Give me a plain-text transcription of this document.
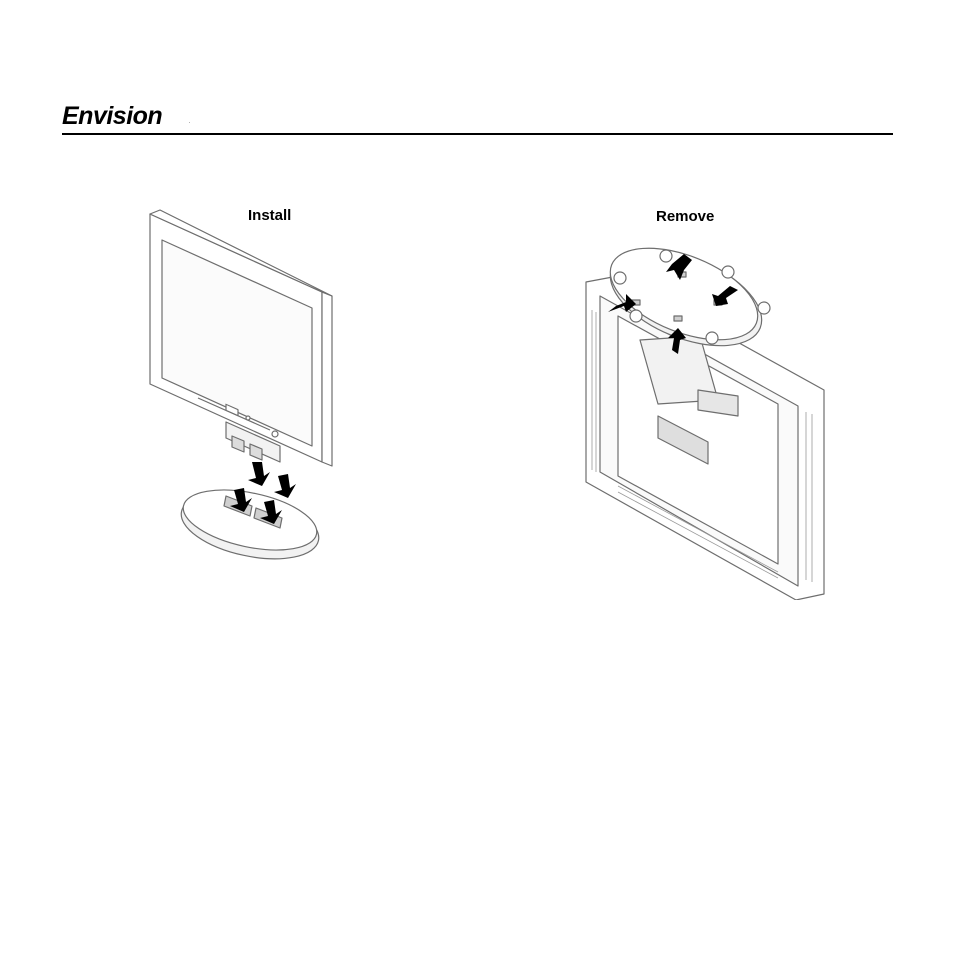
Envision	.
Install	Remove
